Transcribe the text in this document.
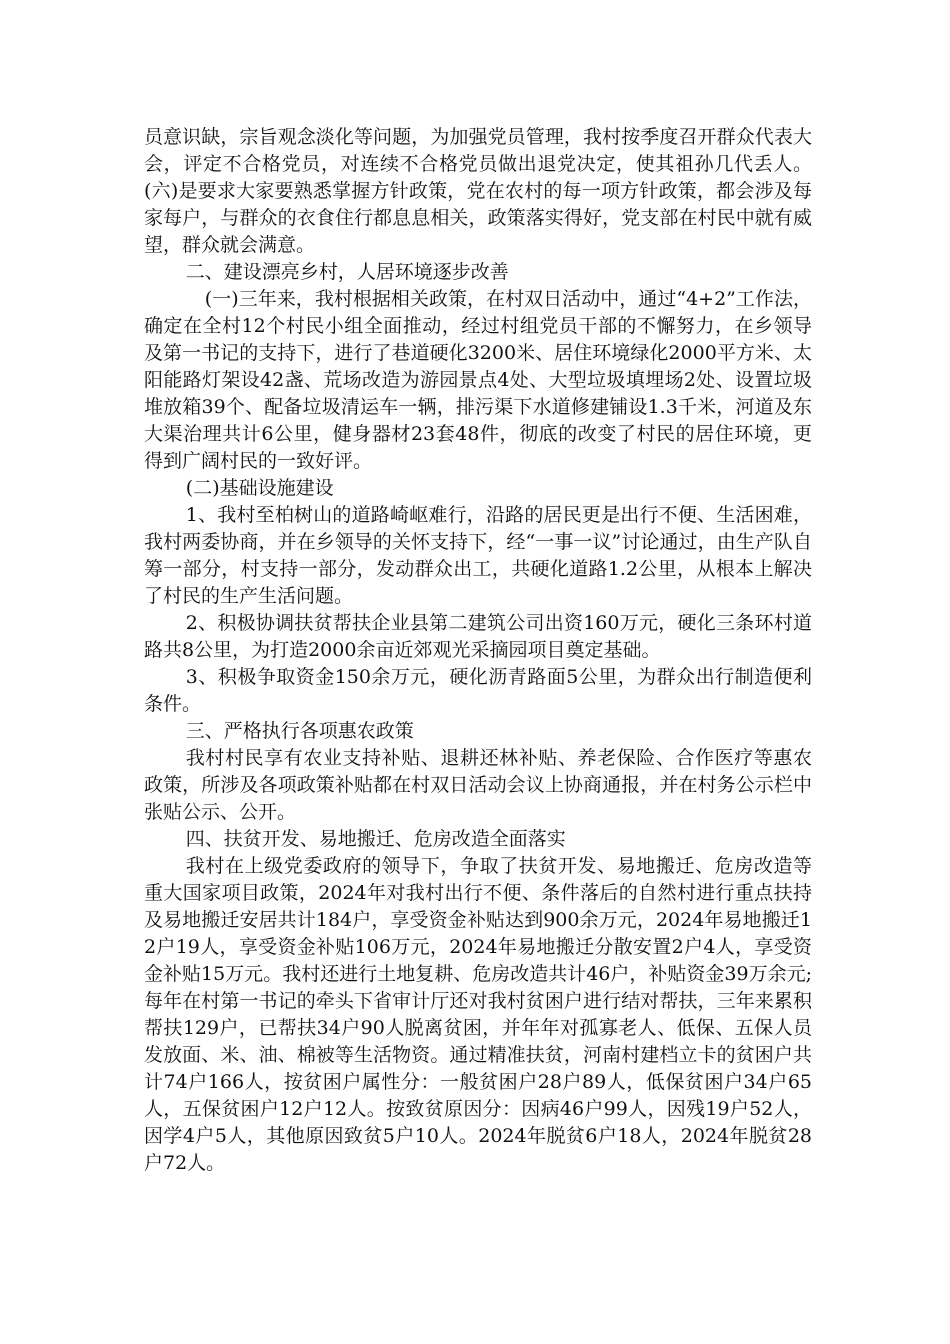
员意识缺，宗旨观念淡化等问题，为加强党员管理，我村按季度召开群众代表大会，评定不合格党员，对连续不合格党员做出退党决定，使其祖孙几代丢人。(六)是要求大家要熟悉掌握方针政策，党在农村的每一项方针政策，都会涉及每家每户，与群众的衣食住行都息息相关，政策落实得好，党支部在村民中就有威望，群众就会满意。

二、建设漂亮乡村，人居环境逐步改善

(一)三年来，我村根据相关政策，在村双日活动中，通过“4+2”工作法，确定在全村12个村民小组全面推动，经过村组党员干部的不懈努力，在乡领导及第一书记的支持下，进行了巷道硬化3200米、居住环境绿化2000平方米、太阳能路灯架设42盏、荒场改造为游园景点4处、大型垃圾填埋场2处、设置垃圾堆放箱39个、配备垃圾清运车一辆，排污渠下水道修建铺设1.3千米，河道及东大渠治理共计6公里，健身器材23套48件，彻底的改变了村民的居住环境，更得到广阔村民的一致好评。

(二)基础设施建设

1、我村至柏树山的道路崎岖难行，沿路的居民更是出行不便、生活困难，我村两委协商，并在乡领导的关怀支持下，经“一事一议”讨论通过，由生产队自筹一部分，村支持一部分，发动群众出工，共硬化道路1.2公里，从根本上解决了村民的生产生活问题。

2、积极协调扶贫帮扶企业县第二建筑公司出资160万元，硬化三条环村道路共8公里，为打造2000余亩近郊观光采摘园项目奠定基础。

3、积极争取资金150余万元，硬化沥青路面5公里，为群众出行制造便利条件。

三、严格执行各项惠农政策

我村村民享有农业支持补贴、退耕还林补贴、养老保险、合作医疗等惠农政策，所涉及各项政策补贴都在村双日活动会议上协商通报，并在村务公示栏中张贴公示、公开。

四、扶贫开发、易地搬迁、危房改造全面落实

我村在上级党委政府的领导下，争取了扶贫开发、易地搬迁、危房改造等重大国家项目政策，2024年对我村出行不便、条件落后的自然村进行重点扶持及易地搬迁安居共计184户，享受资金补贴达到900余万元，2024年易地搬迁12户19人，享受资金补贴106万元，2024年易地搬迁分散安置2户4人，享受资金补贴15万元。我村还进行土地复耕、危房改造共计46户，补贴资金39万余元;每年在村第一书记的牵头下省审计厅还对我村贫困户进行结对帮扶，三年来累积帮扶129户，已帮扶34户90人脱离贫困，并年年对孤寡老人、低保、五保人员发放面、米、油、棉被等生活物资。通过精准扶贫，河南村建档立卡的贫困户共计74户166人，按贫困户属性分：一般贫困户28户89人，低保贫困户34户65人，五保贫困户12户12人。按致贫原因分：因病46户99人，因残19户52人，因学4户5人，其他原因致贫5户10人。2024年脱贫6户18人，2024年脱贫28户72人。
